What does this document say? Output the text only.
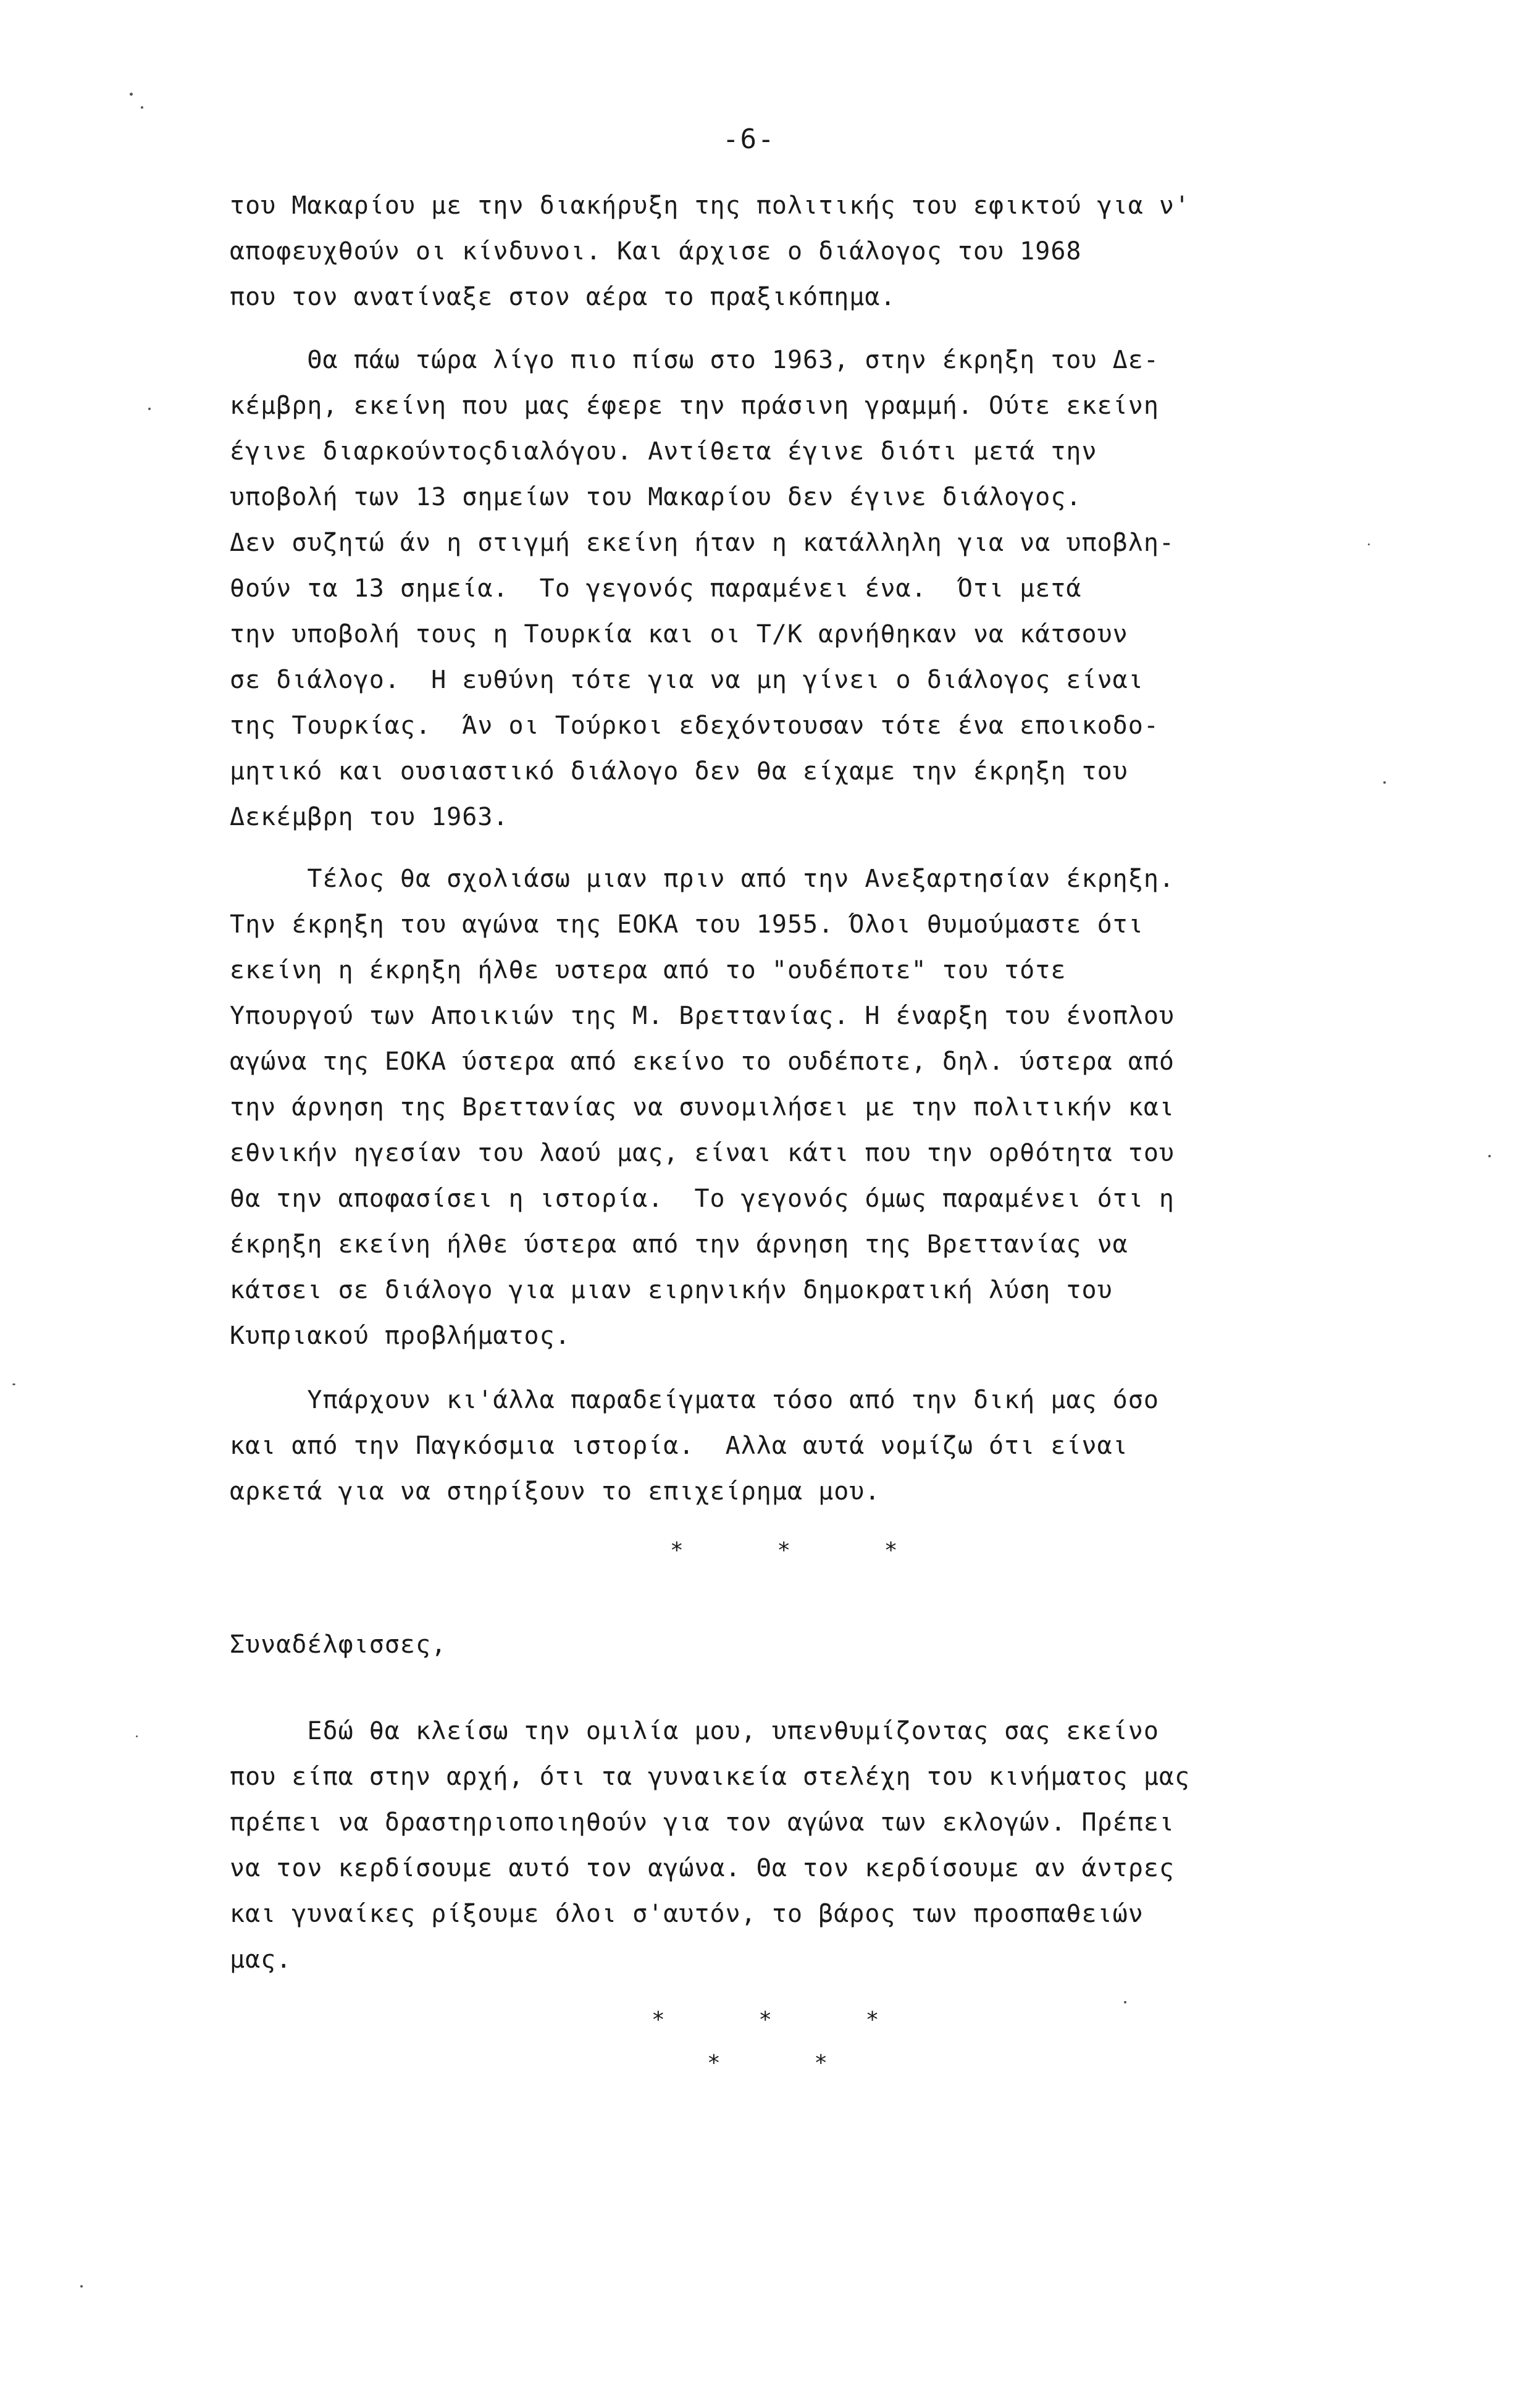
-6-
του Μακαρίου με την διακήρυξη της πολιτικής του εφικτού για ν'
αποφευχθούν οι κίνδυνοι. Και άρχισε ο διάλογος του 1968
που τον ανατίναξε στον αέρα το πραξικόπημα.
Θα πάω τώρα λίγο πιο πίσω στο 1963, στην έκρηξη του Δε-
κέμβρη, εκείνη που μας έφερε την πράσινη γραμμή. Ούτε εκείνη
έγινε διαρκούντοςδιαλόγου. Αντίθετα έγινε διότι μετά την
υποβολή των 13 σημείων του Μακαρίου δεν έγινε διάλογος.
Δεν συζητώ άν η στιγμή εκείνη ήταν η κατάλληλη για να υποβλη-
θούν τα 13 σημεία.  Το γεγονός παραμένει ένα.  Ότι μετά
την υποβολή τους η Τουρκία και οι Τ/Κ αρνήθηκαν να κάτσουν
σε διάλογο.  Η ευθύνη τότε για να μη γίνει ο διάλογος είναι
της Τουρκίας.  Άν οι Τούρκοι εδεχόντουσαν τότε ένα εποικοδο-
μητικό και ουσιαστικό διάλογο δεν θα είχαμε την έκρηξη του
Δεκέμβρη του 1963.
Τέλος θα σχολιάσω μιαν πριν από την Ανεξαρτησίαν έκρηξη.
Την έκρηξη του αγώνα της ΕΟΚΑ του 1955. Όλοι θυμούμαστε ότι
εκείνη η έκρηξη ήλθε υστερα από το "ουδέποτε" του τότε
Υπουργού των Αποικιών της Μ. Βρεττανίας. Η έναρξη του ένοπλου
αγώνα της ΕΟΚΑ ύστερα από εκείνο το ουδέποτε, δηλ. ύστερα από
την άρνηση της Βρεττανίας να συνομιλήσει με την πολιτικήν και
εθνικήν ηγεσίαν του λαού μας, είναι κάτι που την ορθότητα του
θα την αποφασίσει η ιστορία.  Το γεγονός όμως παραμένει ότι η
έκρηξη εκείνη ήλθε ύστερα από την άρνηση της Βρεττανίας να
κάτσει σε διάλογο για μιαν ειρηνικήν δημοκρατική λύση του
Κυπριακού προβλήματος.
Υπάρχουν κι'άλλα παραδείγματα τόσο από την δική μας όσο
και από την Παγκόσμια ιστορία.  Αλλα αυτά νομίζω ότι είναι
αρκετά για να στηρίξουν το επιχείρημα μου.
*       *       *
Συναδέλφισσες,
Εδώ θα κλείσω την ομιλία μου, υπενθυμίζοντας σας εκείνο
που είπα στην αρχή, ότι τα γυναικεία στελέχη του κινήματος μας
πρέπει να δραστηριοποιηθούν για τον αγώνα των εκλογών. Πρέπει
να τον κερδίσουμε αυτό τον αγώνα. Θα τον κερδίσουμε αν άντρες
και γυναίκες ρίξουμε όλοι σ'αυτόν, το βάρος των προσπαθειών
μας.
*       *       *
*       *
